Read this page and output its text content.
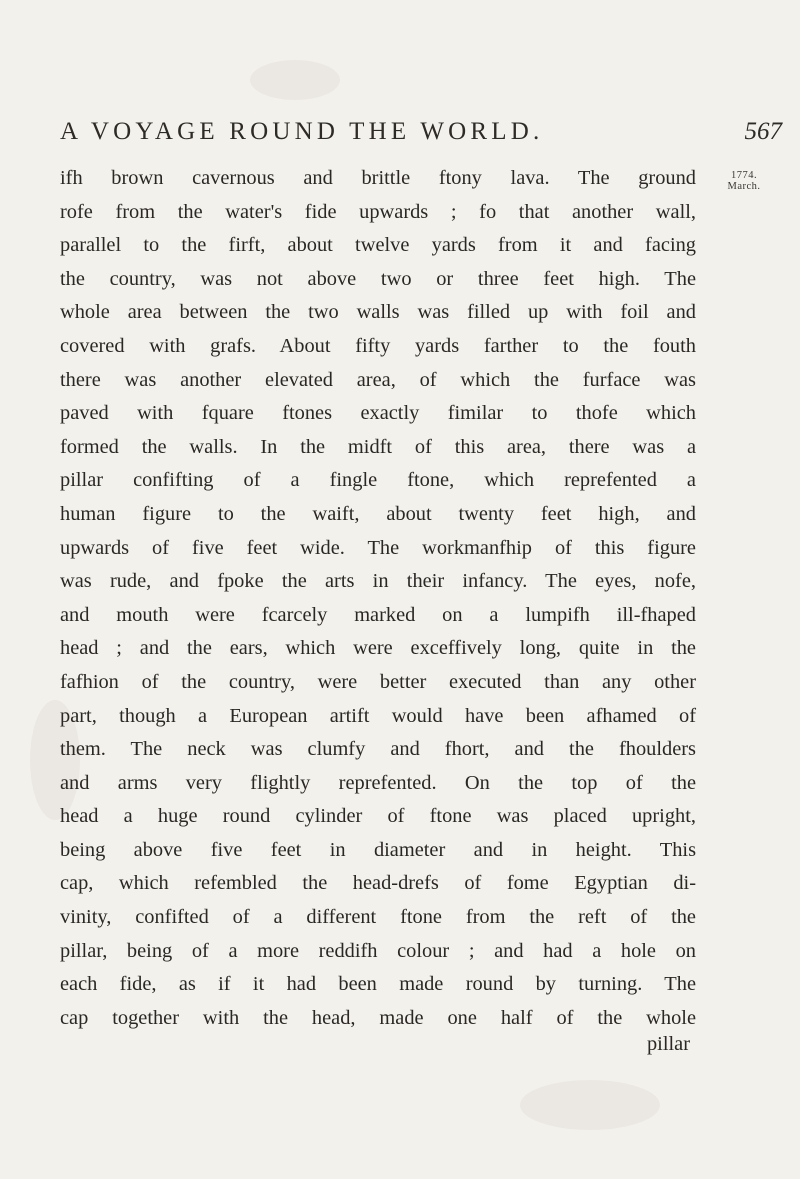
A VOYAGE ROUND THE WORLD.	567
1774.
March.
ifh brown cavernous and brittle ftony lava. The ground
rofe from the water's fide upwards ; fo that another wall,
parallel to the firft, about twelve yards from it and facing
the country, was not above two or three feet high. The
whole area between the two walls was filled up with foil and
covered with grafs. About fifty yards farther to the fouth
there was another elevated area, of which the furface was
paved with fquare ftones exactly fimilar to thofe which
formed the walls. In the midft of this area, there was a
pillar confifting of a fingle ftone, which reprefented a
human figure to the waift, about twenty feet high, and
upwards of five feet wide. The workmanfhip of this figure
was rude, and fpoke the arts in their infancy. The eyes, nofe,
and mouth were fcarcely marked on a lumpifh ill-fhaped
head ; and the ears, which were exceffively long, quite in the
fafhion of the country, were better executed than any other
part, though a European artift would have been afhamed of
them. The neck was clumfy and fhort, and the fhoulders
and arms very flightly reprefented. On the top of the
head a huge round cylinder of ftone was placed upright,
being above five feet in diameter and in height. This
cap, which refembled the head-drefs of fome Egyptian di-
vinity, confifted of a different ftone from the reft of the
pillar, being of a more reddifh colour ; and had a hole on
each fide, as if it had been made round by turning. The
cap together with the head, made one half of the whole
pillar
